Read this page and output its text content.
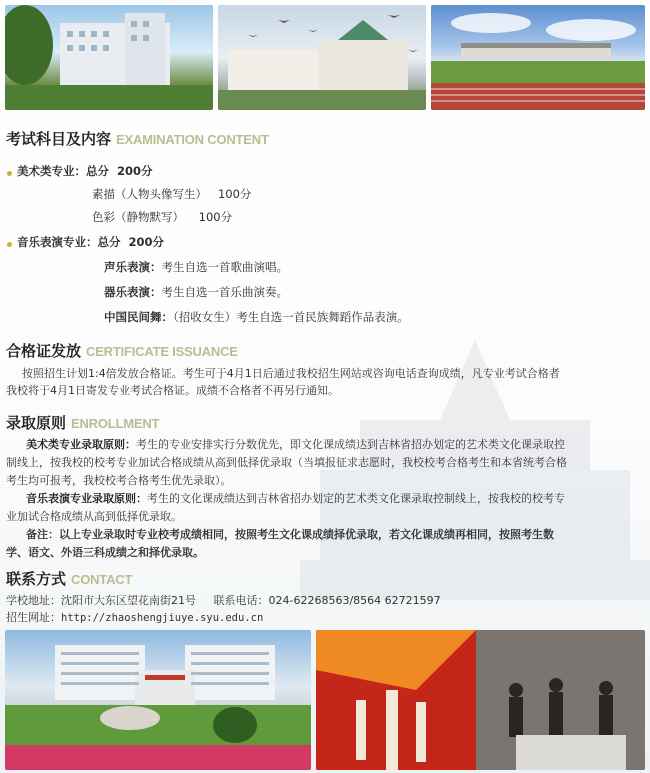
考试科目及内容 EXAMINATION CONTENT
美术类专业：总分 200分
素描（人物头像写生） 100分
色彩（静物默写） 100分
音乐表演专业：总分 200分
声乐表演：考生自选一首歌曲演唱。
器乐表演：考生自选一首乐曲演奏。
中国民间舞：（招收女生）考生自选一首民族舞蹈作品表演。
合格证发放 CERTIFICATE ISSUANCE
按照招生计划1:4倍发放合格证。考生可于4月1日后通过我校招生网站或咨询电话查询成绩，凡专业考试合格者
我校将于4月1日寄发专业考试合格证。成绩不合格者不再另行通知。
录取原则 ENROLLMENT
美术类专业录取原则：考生的专业安排实行分数优先，即文化课成绩达到吉林省招办划定的艺术类文化课录取控
制线上，按我校的校考专业加试合格成绩从高到低择优录取（当填报征求志愿时，我校校考合格考生和本省统考合格
考生均可报考，我校校考合格考生优先录取）。
音乐表演专业录取原则：考生的文化课成绩达到吉林省招办划定的艺术类文化课录取控制线上，按我校的校考专
业加试合格成绩从高到低择优录取。
备注：以上专业录取时专业校考成绩相同，按照考生文化课成绩择优录取，若文化课成绩再相同，按照考生数
学、语文、外语三科成绩之和择优录取。
联系方式 CONTACT
学校地址：沈阳市大东区望花南街21号 联系电话：024-62268563/8564 62721597
招生网址：http://zhaoshengjiuye.syu.edu.cn
